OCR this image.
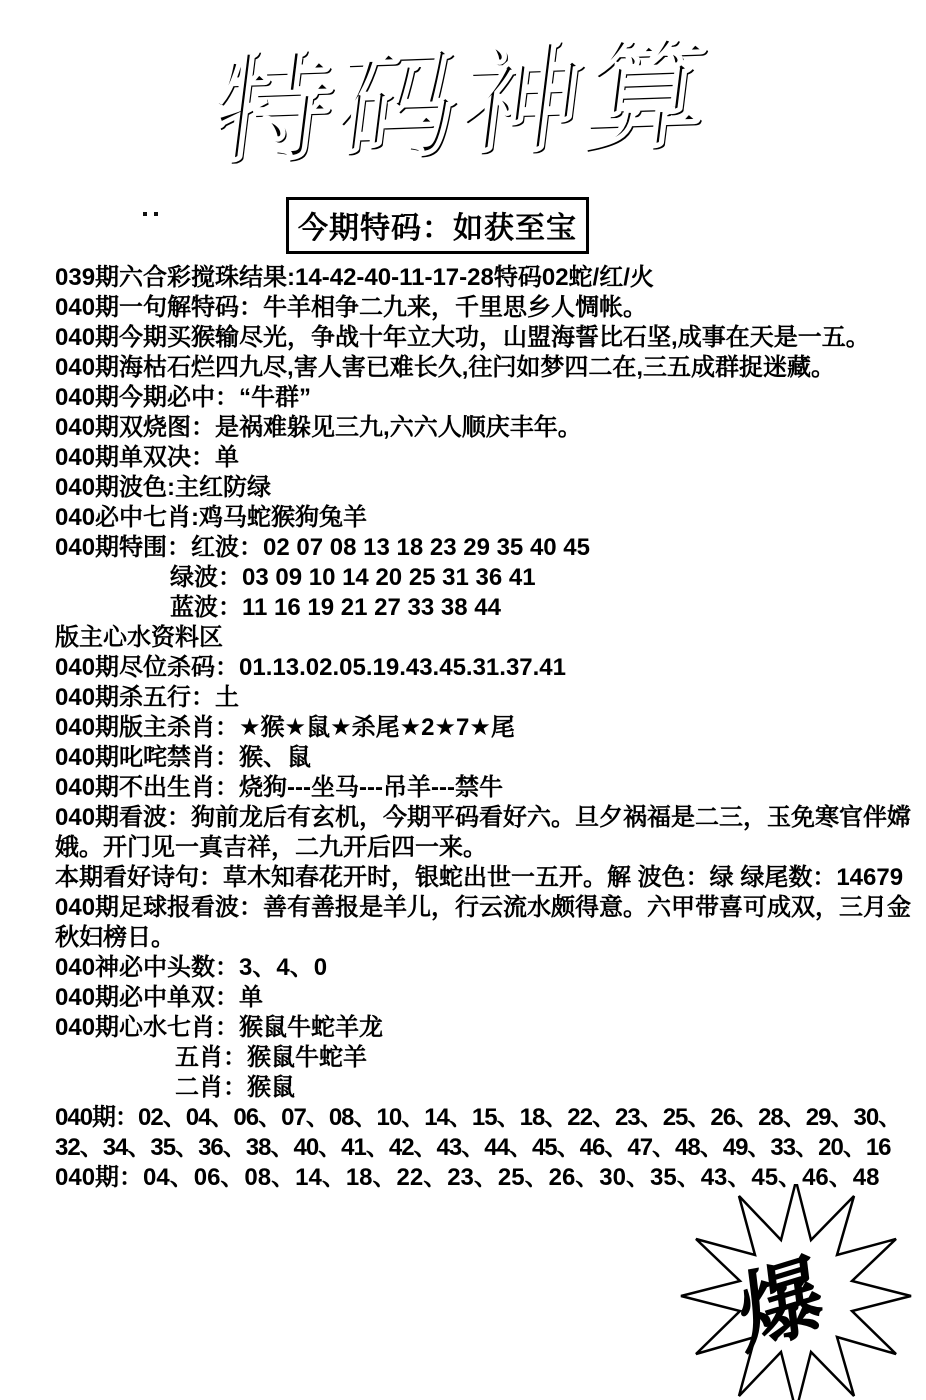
特码神算
今期特码：如获至宝
039期六合彩搅珠结果:14-42-40-11-17-28特码02蛇/红/火
040期一句解特码：牛羊相争二九来，千里思乡人惆帐。
040期今期买猴输尽光，争战十年立大功，山盟海誓比石坚,成事在天是一五。
040期海枯石烂四九尽,害人害已难长久,往闩如梦四二在,三五成群捉迷藏。
040期今期必中：“牛群”
040期双烧图：是祸难躲见三九,六六人顺庆丰年。
040期单双决：单
040期波色:主红防绿
040必中七肖:鸡马蛇猴狗兔羊
040期特围：红波：02 07 08 13 18 23 29 35 40 45
绿波：03 09 10 14 20 25 31 36 41
蓝波：11 16 19 21 27 33 38 44
版主心水资料区
040期尽位杀码：01.13.02.05.19.43.45.31.37.41
040期杀五行：土
040期版主杀肖：★猴★鼠★杀尾★2★7★尾
040期叱咤禁肖：猴、鼠
040期不出生肖：烧狗---坐马---吊羊---禁牛
040期看波：狗前龙后有玄机，今期平码看好六。旦夕祸福是二三，玉免寒官伴嫦
娥。开门见一真吉祥，二九开后四一来。
本期看好诗句：草木知春花开时，银蛇出世一五开。解 波色：绿 绿尾数：14679
040期足球报看波：善有善报是羊儿，行云流水颇得意。六甲带喜可成双，三月金
秋妇榜日。
040神必中头数：3、4、0
040期必中单双：单
040期心水七肖：猴鼠牛蛇羊龙
五肖：猴鼠牛蛇羊
二肖：猴鼠
040期：02、04、06、07、08、10、14、15、18、22、23、25、26、28、29、30、
32、34、35、36、38、40、41、42、43、44、45、46、47、48、49、33、20、16
040期：04、06、08、14、18、22、23、25、26、30、35、43、45、46、48
爆
